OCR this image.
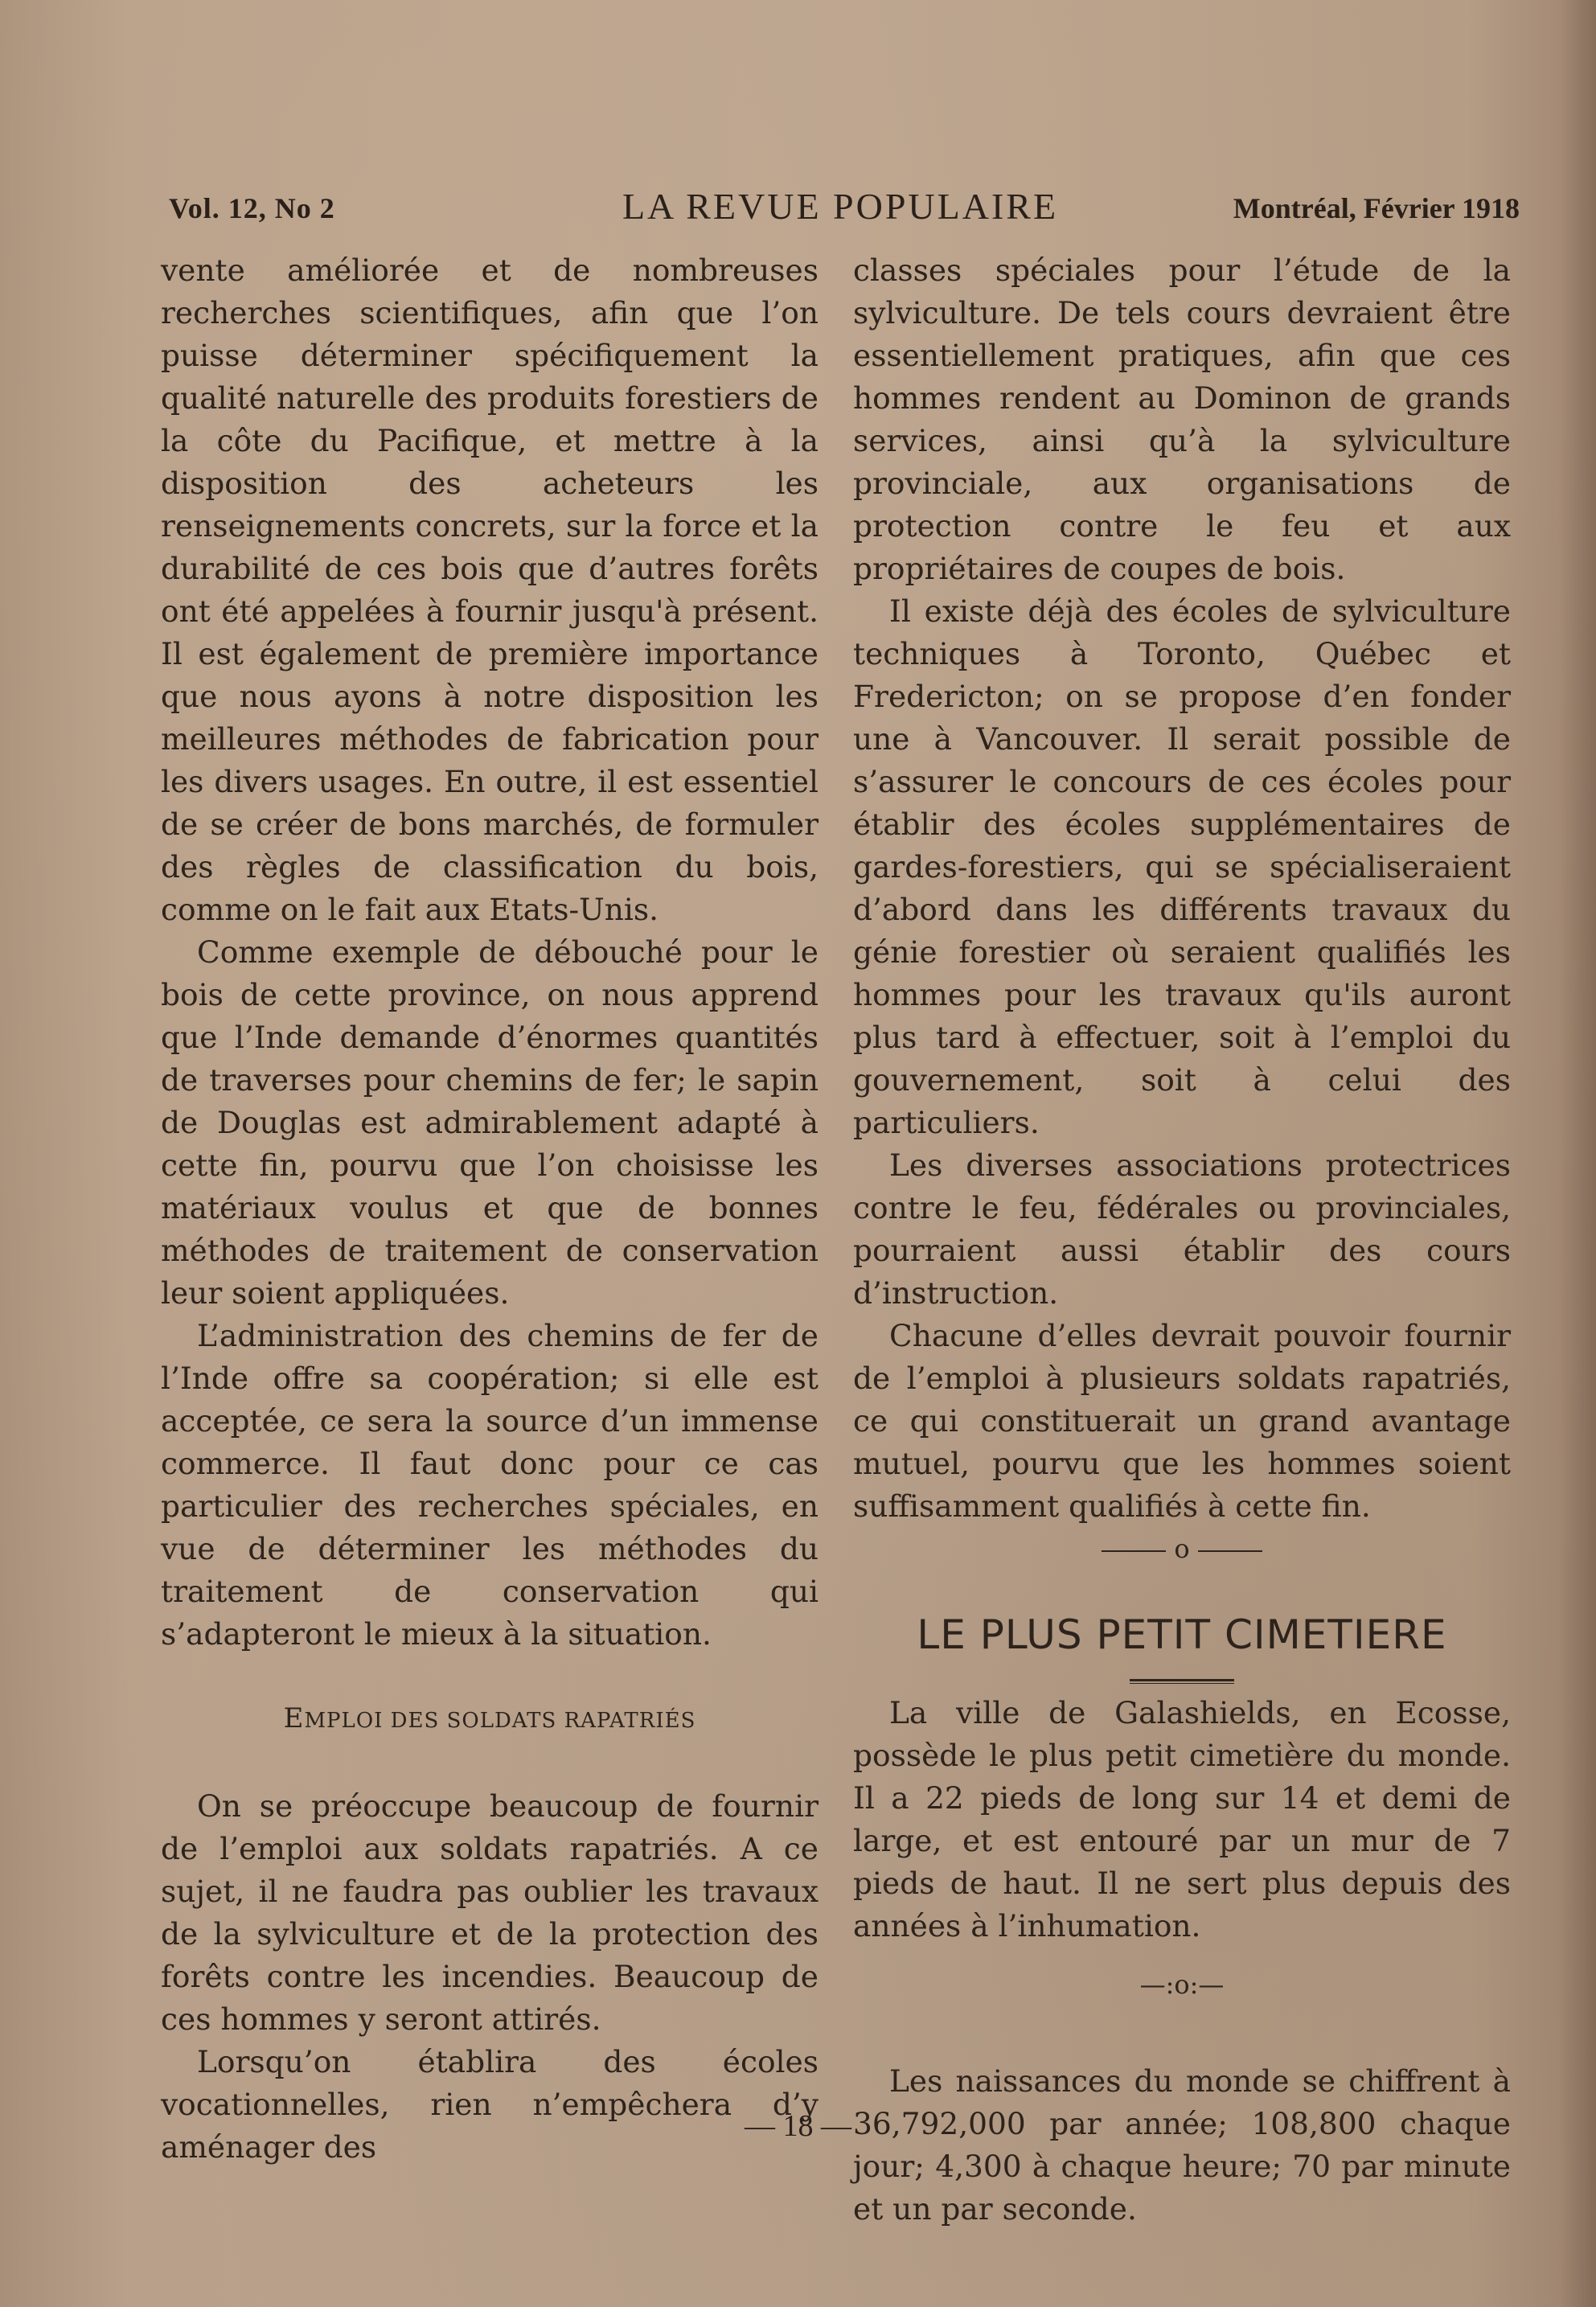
Vol. 12, No 2	LA REVUE POPULAIRE	Montréal, Février 1918

vente améliorée et de nombreuses recherches scientifiques, afin que l’on puisse déterminer spécifiquement la qualité naturelle des produits forestiers de la côte du Pacifique, et mettre à la disposition des acheteurs les renseignements concrets, sur la force et la durabilité de ces bois que d’autres forêts ont été appelées à fournir jusqu'à présent. Il est également de première importance que nous ayons à notre disposition les meilleures méthodes de fabrication pour les divers usages. En outre, il est essentiel de se créer de bons marchés, de formuler des règles de classification du bois, comme on le fait aux Etats-Unis.

Comme exemple de débouché pour le bois de cette province, on nous apprend que l’Inde demande d’énormes quantités de traverses pour chemins de fer; le sapin de Douglas est admirablement adapté à cette fin, pourvu que l’on choisisse les matériaux voulus et que de bonnes méthodes de traitement de conservation leur soient appliquées.

L’administration des chemins de fer de l’Inde offre sa coopération; si elle est acceptée, ce sera la source d’un immense commerce. Il faut donc pour ce cas particulier des recherches spéciales, en vue de déterminer les méthodes du traitement de conservation qui s’adapteront le mieux à la situation.

EMPLOI DES SOLDATS RAPATRIÉS

On se préoccupe beaucoup de fournir de l’emploi aux soldats rapatriés. A ce sujet, il ne faudra pas oublier les travaux de la sylviculture et de la protection des forêts contre les incendies. Beaucoup de ces hommes y seront attirés.

Lorsqu’on établira des écoles vocationnelles, rien n’empêchera d’y aménager des

classes spéciales pour l’étude de la sylviculture. De tels cours devraient être essentiellement pratiques, afin que ces hommes rendent au Dominon de grands services, ainsi qu’à la sylviculture provinciale, aux organisations de protection contre le feu et aux propriétaires de coupes de bois.

Il existe déjà des écoles de sylviculture techniques à Toronto, Québec et Fredericton; on se propose d’en fonder une à Vancouver. Il serait possible de s’assurer le concours de ces écoles pour établir des écoles supplémentaires de gardes-forestiers, qui se spécialiseraient d’abord dans les différents travaux du génie forestier où seraient qualifiés les hommes pour les travaux qu'ils auront plus tard à effectuer, soit à l’emploi du gouvernement, soit à celui des particuliers.

Les diverses associations protectrices contre le feu, fédérales ou provinciales, pourraient aussi établir des cours d’instruction.

Chacune d’elles devrait pouvoir fournir de l’emploi à plusieurs soldats rapatriés, ce qui constituerait un grand avantage mutuel, pourvu que les hommes soient suffisamment qualifiés à cette fin.

o
LE PLUS PETIT CIMETIERE

La ville de Galashields, en Ecosse, possède le plus petit cimetière du monde. Il a 22 pieds de long sur 14 et demi de large, et est entouré par un mur de 7 pieds de haut. Il ne sert plus depuis des années à l’inhumation.

—:o:—

Les naissances du monde se chiffrent à 36,792,000 par année; 108,800 chaque jour; 4,300 à chaque heure; 70 par minute et un par seconde.

— 18 —
